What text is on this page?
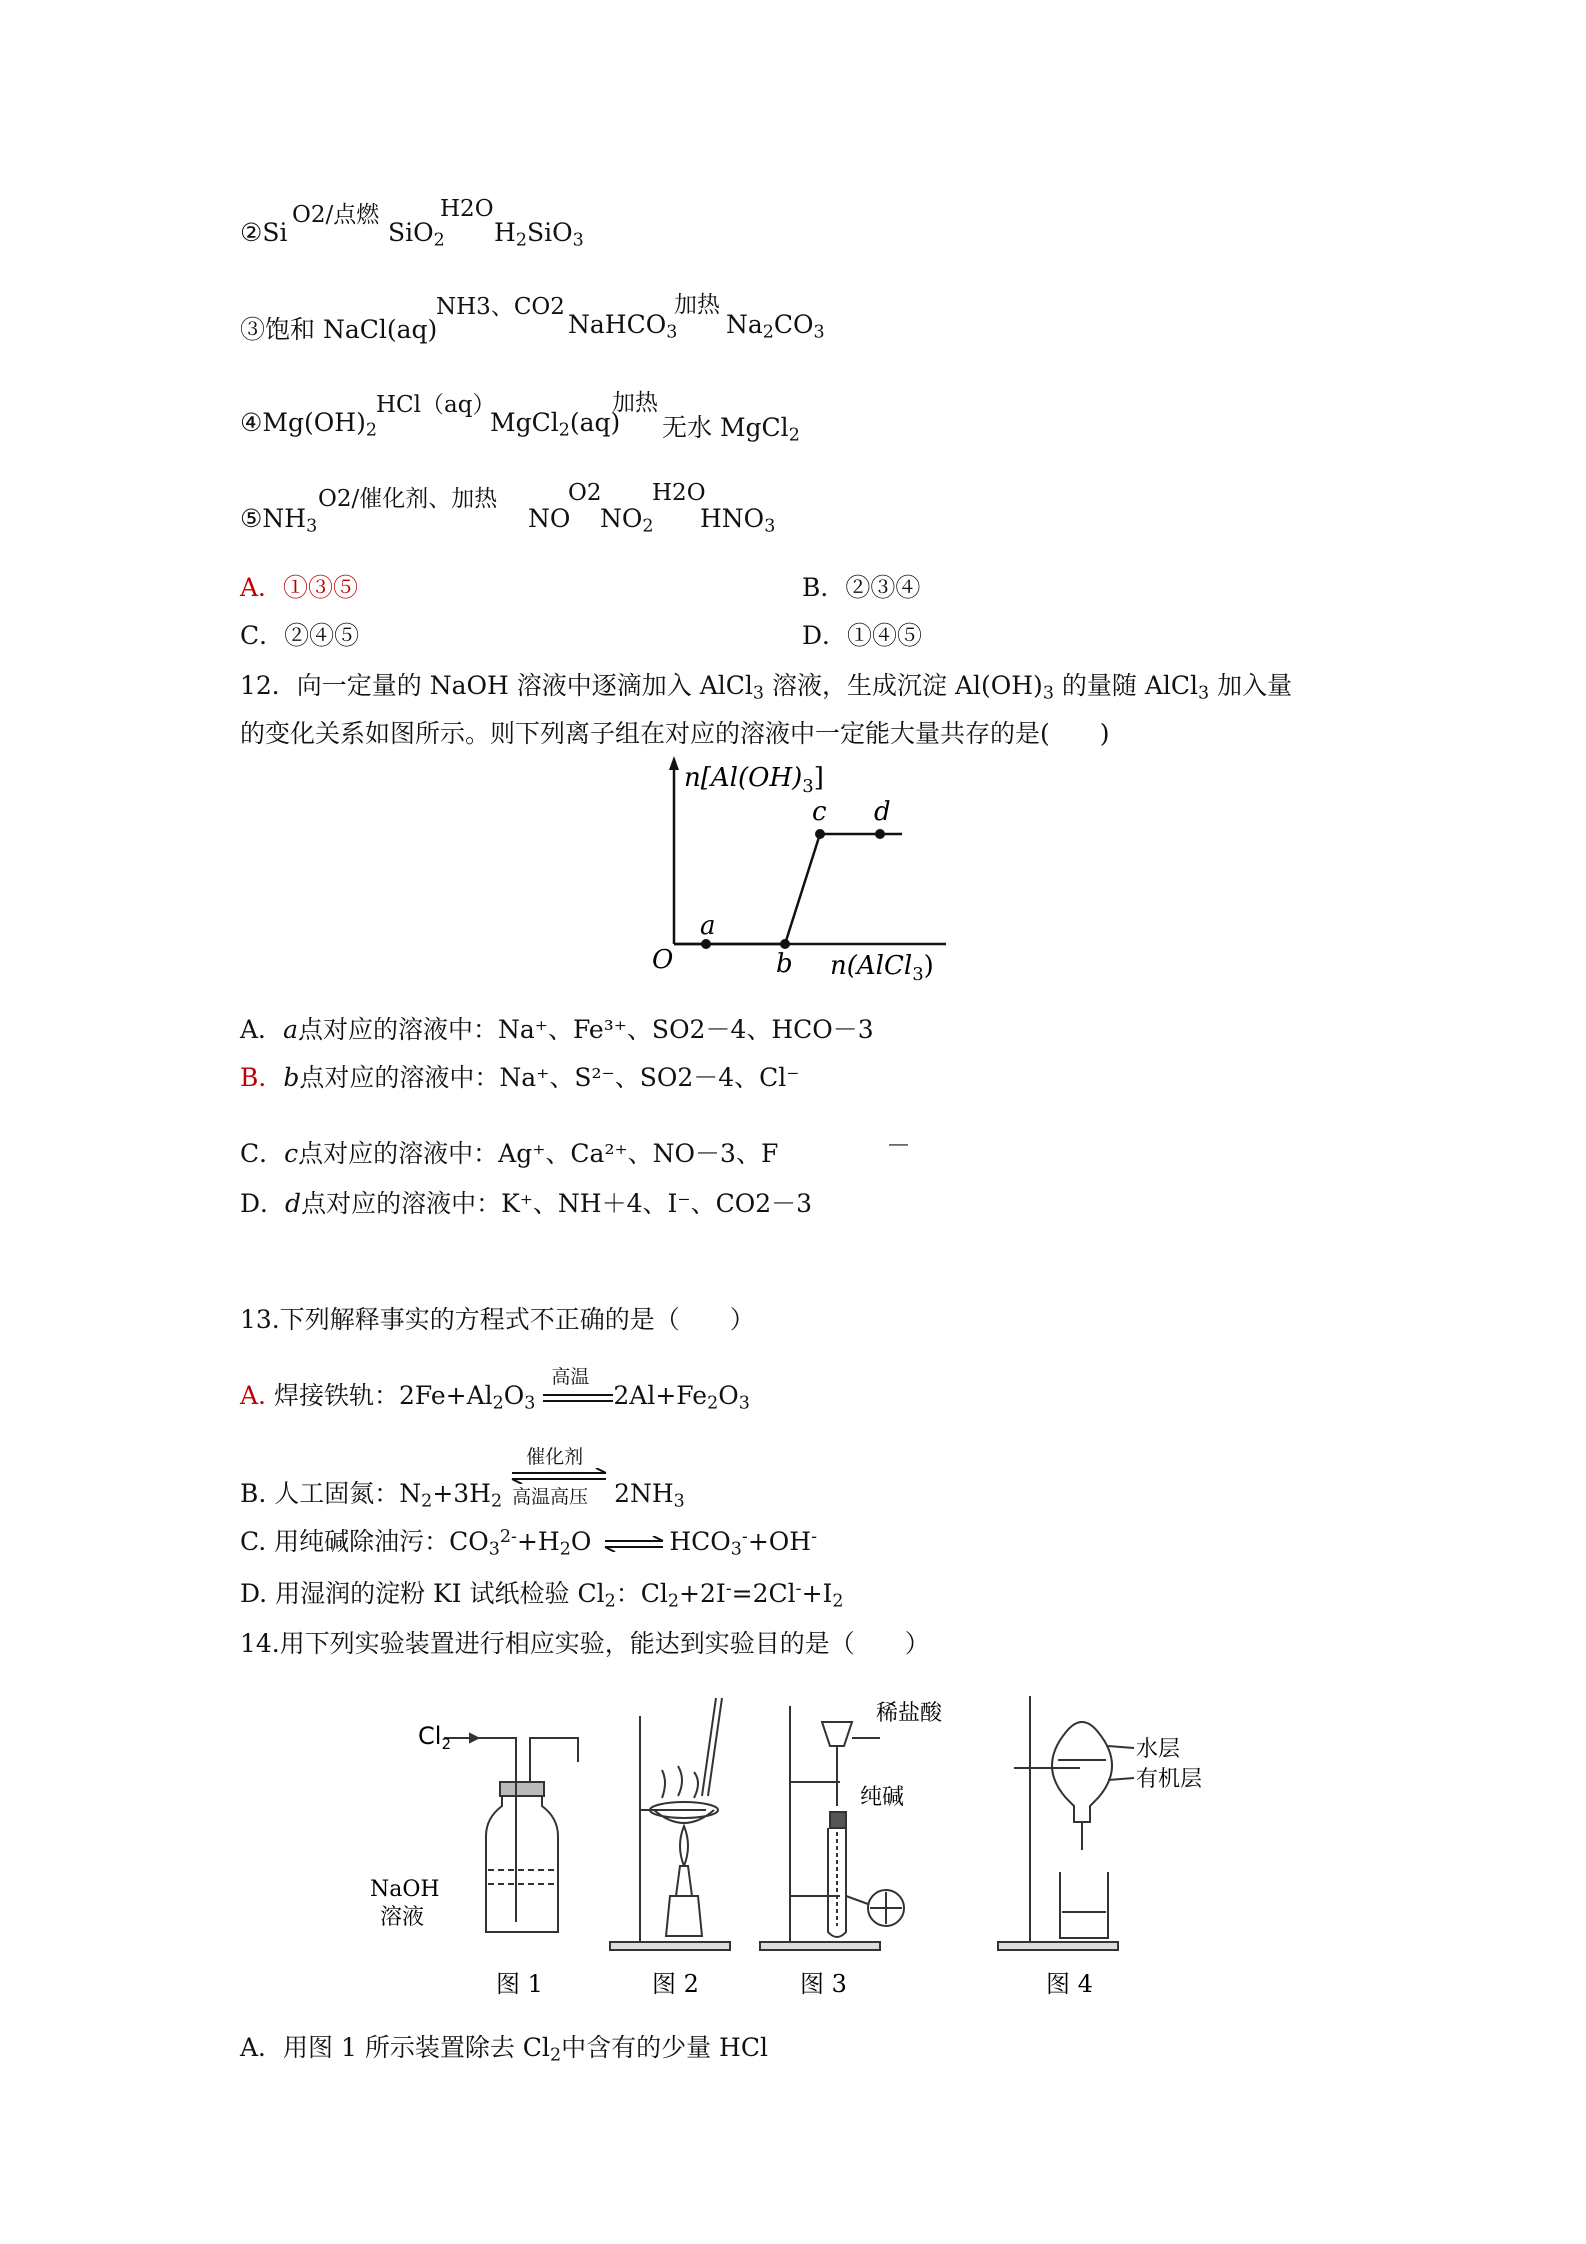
O2/点燃	H2O
②Si	SiO$_2$ $H_2SiO_3$
NH3、CO2	加热
③饱和 NaCl(aq)	NaHCO$_3$ $Na_2CO_3$
HCl（aq）	加热
$④Mg(OH)_2$	MgCl$_2$(aq) 无水 MgCl$_2$
O2/催化剂、加热	O2 H2O
$⑤NH_3$	NO $NO_2$ $HNO_3$
A．①③⑤	B．②③④
C．②④⑤	D．①④⑤
12．向一定量的 NaOH 溶液中逐滴加入 AlCl$_3$ 溶液，生成沉淀 $Al(OH)_3$ 的量随 AlCl$_3$ 加入量
的变化关系如图所示。则下列离子组在对应的溶液中一定能大量共存的是(　　)
$n[Al(OH)_3]$
O
a
b
c d
n(AlCl$_3$)
A．a点对应的溶液中：Na⁺、Fe³⁺、SO2－4、HCO－3
B．b点对应的溶液中：Na⁺、S²⁻、SO2－4、Cl⁻
C．c点对应的溶液中：Ag⁺、Ca²⁺、NO－3、F	－
D．d点对应的溶液中：K⁺、NH＋4、I⁻、CO2－3
13.下列解释事实的方程式不正确的是（　　）
A. 焊接铁轨：$2Fe+Al_2O_3$
高温
$2Al+Fe_2O_3$
B. 人工固氮：$N_2+3H_2$
催化剂
高温高压 $2NH_3$
C. 用纯碱除油污：$CO_3^{2-}+H_2O$	$HCO_3^-+OH^-$
D. 用湿润的淀粉 KI 试纸检验 $Cl_2$：$Cl_2+2I^-=2Cl^-+I_2$
14.用下列实验装置进行相应实验，能达到实验目的是（　　）
$Cl_2$
NaOH
溶液
图 1	图 2
稀盐酸
纯碱
图 3
水层
有机层
图 4
A．用图 1 所示装置除去 $Cl_2$中含有的少量 HCl
